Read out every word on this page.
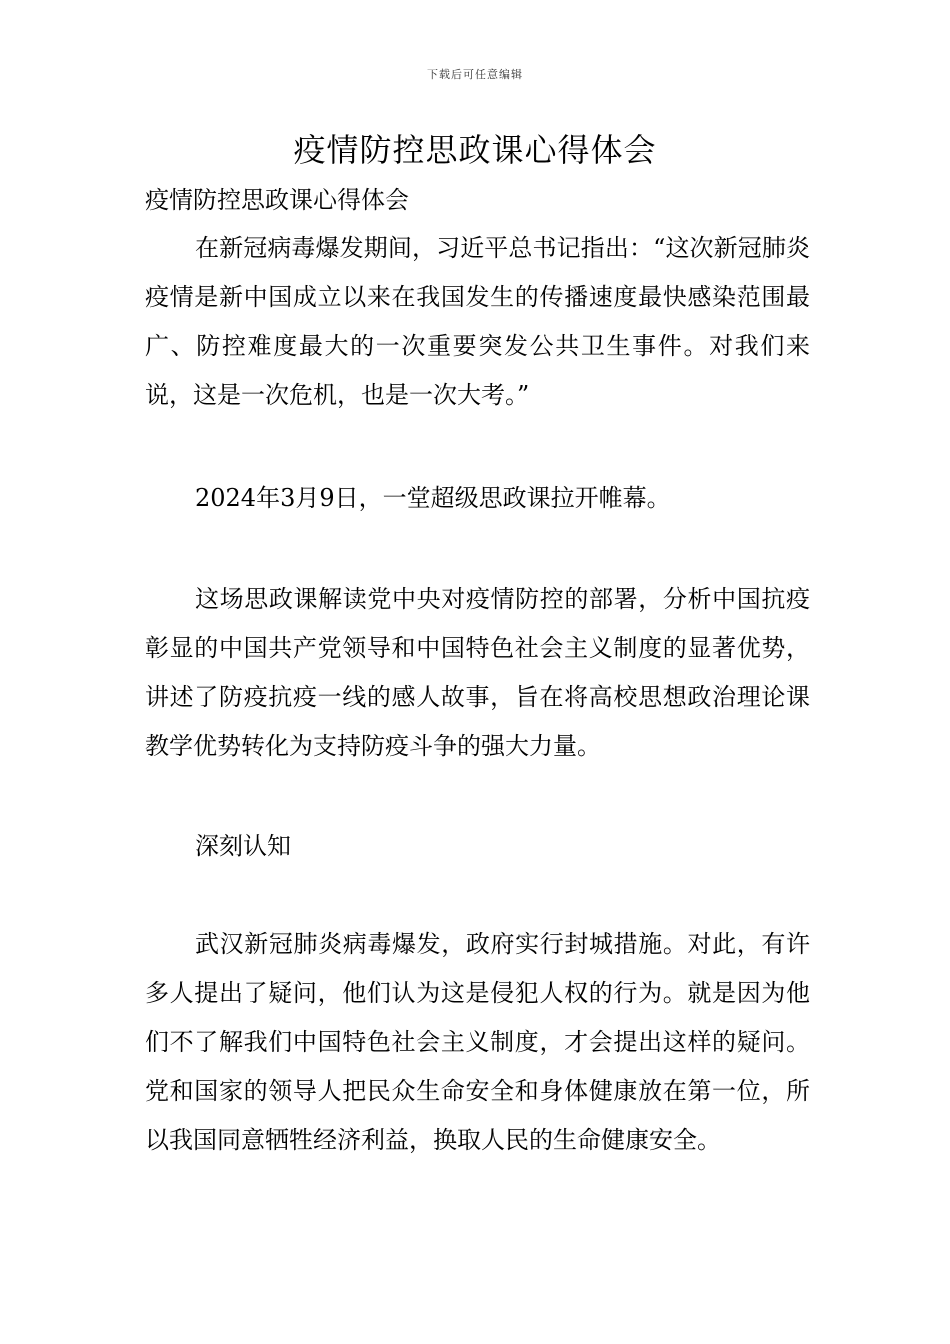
下载后可任意编辑
疫情防控思政课心得体会

疫情防控思政课心得体会

在新冠病毒爆发期间，习近平总书记指出：“这次新冠肺炎疫情是新中国成立以来在我国发生的传播速度最快感染范围最广、防控难度最大的一次重要突发公共卫生事件。对我们来说，这是一次危机，也是一次大考。”

2024年3月9日，一堂超级思政课拉开帷幕。

这场思政课解读党中央对疫情防控的部署，分析中国抗疫彰显的中国共产党领导和中国特色社会主义制度的显著优势，讲述了防疫抗疫一线的感人故事，旨在将高校思想政治理论课教学优势转化为支持防疫斗争的强大力量。

深刻认知

武汉新冠肺炎病毒爆发，政府实行封城措施。对此，有许多人提出了疑问，他们认为这是侵犯人权的行为。就是因为他们不了解我们中国特色社会主义制度，才会提出这样的疑问。党和国家的领导人把民众生命安全和身体健康放在第一位，所以我国同意牺牲经济利益，换取人民的生命健康安全。
